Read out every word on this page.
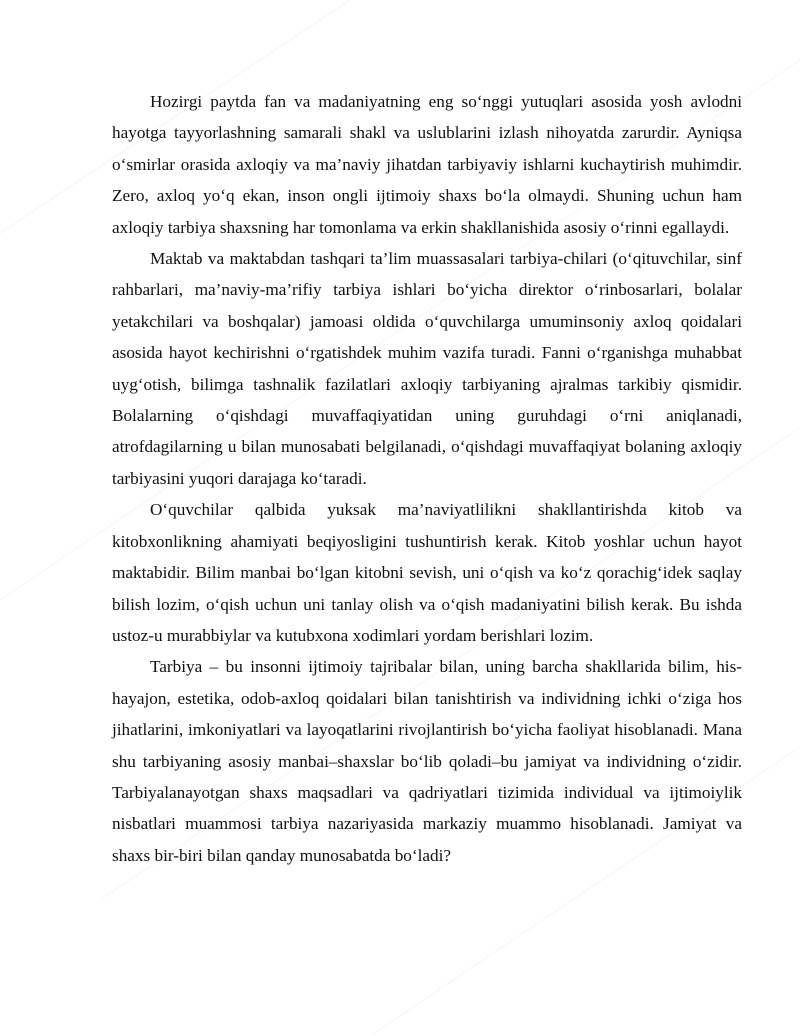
Hozirgi paytda fan va madaniyatning eng so‘nggi yutuqlari asosida yosh avlodni hayotga tayyorlashning samarali shakl va uslublarini izlash nihoyatda zarurdir. Ayniqsa o‘smirlar orasida axloqiy va ma’naviy jihatdan tarbiyaviy ishlarni kuchaytirish muhimdir. Zero, axloq yo‘q ekan, inson ongli ijtimoiy shaxs bo‘la olmaydi. Shuning uchun ham axloqiy tarbiya shaxsning har tomonlama va erkin shakllanishida asosiy o‘rinni egallaydi.

Maktab va maktabdan tashqari ta’lim muassasalari tarbiya-chilari (o‘qituvchilar, sinf rahbarlari, ma’naviy-ma’rifiy tarbiya ishlari bo‘yicha direktor o‘rinbosarlari, bolalar yetakchilari va boshqalar) jamoasi oldida o‘quvchilarga umuminsoniy axloq qoidalari asosida hayot kechirishni o‘rgatishdek muhim vazifa turadi. Fanni o‘rganishga muhabbat uyg‘otish, bilimga tashnalik fazilatlari axloqiy tarbiyaning ajralmas tarkibiy qismidir. Bolalarning o‘qishdagi muvaffaqiyatidan uning guruhdagi o‘rni aniqlanadi, atrofdagilarning u bilan munosabati belgilanadi, o‘qishdagi muvaffaqiyat bolaning axloqiy tarbiyasini yuqori darajaga ko‘taradi.

O‘quvchilar qalbida yuksak ma’naviyatlilikni shakllantirishda kitob va kitobxonlikning ahamiyati beqiyosligini tushuntirish kerak. Kitob yoshlar uchun hayot maktabidir. Bilim manbai bo‘lgan kitobni sevish, uni o‘qish va ko‘z qorachig‘idek saqlay bilish lozim, o‘qish uchun uni tanlay olish va o‘qish madaniyatini bilish kerak. Bu ishda ustoz-u murabbiylar va kutubxona xodimlari yordam berishlari lozim.

Tarbiya – bu insonni ijtimoiy tajribalar bilan, uning barcha shakllarida bilim, his-hayajon, estetika, odob-axloq qoidalari bilan tanishtirish va individning ichki o‘ziga hos jihatlarini, imkoniyatlari va layoqatlarini rivojlantirish bo‘yicha faoliyat hisoblanadi. Mana shu tarbiyaning asosiy manbai–shaxslar bo‘lib qoladi–bu jamiyat va individning o‘zidir. Tarbiyalanayotgan shaxs maqsadlari va qadriyatlari tizimida individual va ijtimoiylik nisbatlari muammosi tarbiya nazariyasida markaziy muammo hisoblanadi. Jamiyat va shaxs bir-biri bilan qanday munosabatda bo‘ladi?
